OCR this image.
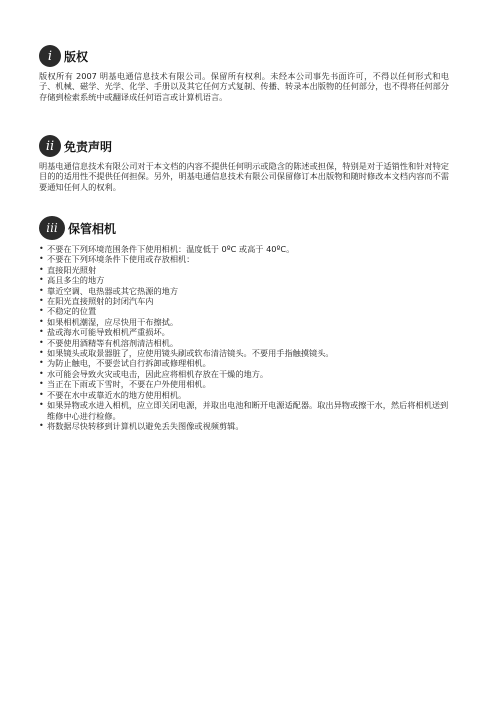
i 版权

版权所有 2007 明基电通信息技术有限公司。保留所有权利。未经本公司事先书面许可，不得以任何形式和电子、机械、磁学、光学、化学、手册以及其它任何方式复制、传播、转录本出版物的任何部分，也不得将任何部分存储到检索系统中或翻译成任何语言或计算机语言。

ii 免责声明

明基电通信息技术有限公司对于本文档的内容不提供任何明示或隐含的陈述或担保，特别是对于适销性和针对特定目的的适用性不提供任何担保。另外，明基电通信息技术有限公司保留修订本出版物和随时修改本文档内容而不需要通知任何人的权利。

iii 保管相机
• 不要在下列环境范围条件下使用相机：温度低于 0ºC 或高于 40ºC。
• 不要在下列环境条件下使用或存放相机：
• 直接阳光照射
• 高且多尘的地方
• 靠近空调、电热器或其它热源的地方
• 在阳光直接照射的封闭汽车内
• 不稳定的位置
• 如果相机潮湿，应尽快用干布擦拭。
• 盐或海水可能导致相机严重损坏。
• 不要使用酒精等有机溶剂清洁相机。
• 如果镜头或取景器脏了，应使用镜头刷或软布清洁镜头。不要用手指触摸镜头。
• 为防止触电，不要尝试自行拆卸或修理相机。
• 水可能会导致火灾或电击，因此应将相机存放在干燥的地方。
• 当正在下雨或下雪时，不要在户外使用相机。
• 不要在水中或靠近水的地方使用相机。
• 如果异物或水进入相机，应立即关闭电源，并取出电池和断开电源适配器。取出异物或擦干水，然后将相机送到维修中心进行检修。
• 将数据尽快转移到计算机以避免丢失图像或视频剪辑。
